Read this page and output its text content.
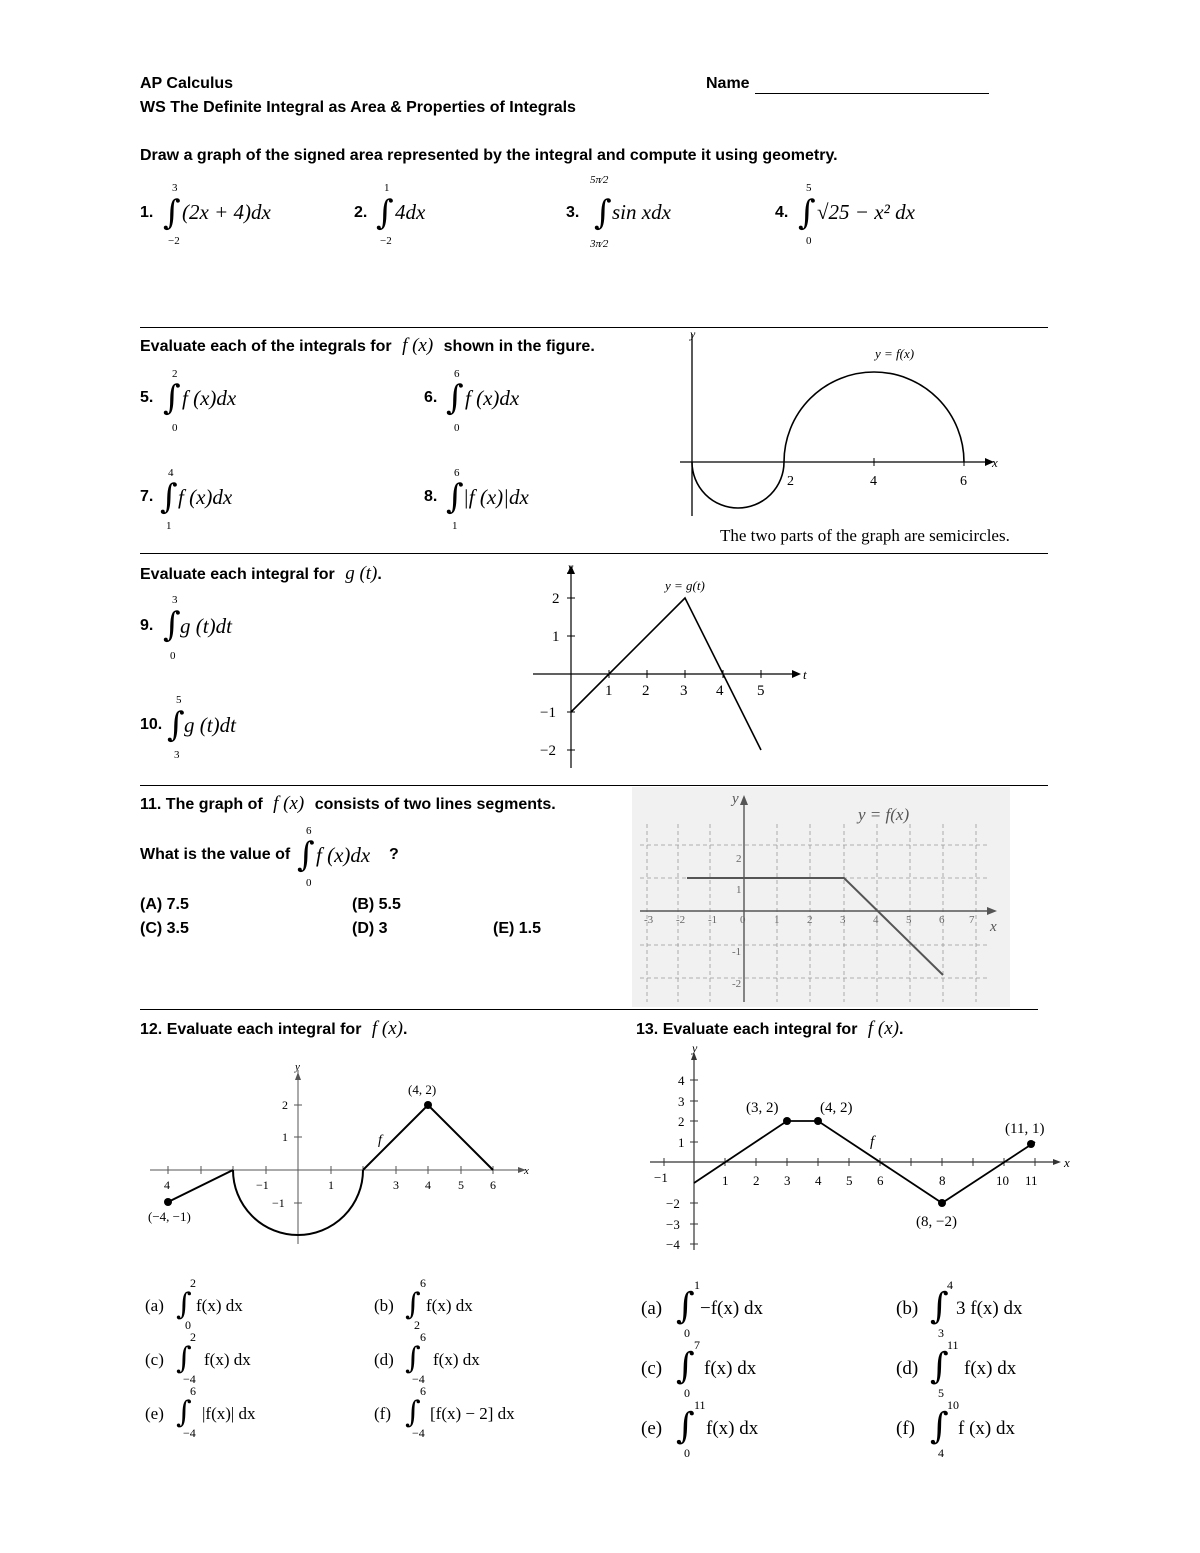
AP Calculus	Name
WS The Definite Integral as Area & Properties of Integrals
Draw a graph of the signed area represented by the integral and compute it using geometry.
1.
3
∫
−2
(2x + 4)dx	2.
1
∫
−2
4dx	3.
5π⁄2
∫
3π⁄2
sin xdx	4.
5
∫
0
√25 − x² dx
Evaluate each of the integrals for f (x) shown in the figure.
5.
2
∫
0
f (x)dx	6.
6
∫
0
f (x)dx
7.
4
∫
1
f (x)dx	8.
6
∫
1
|f (x)|dx
y
x
2	4	6
y = f(x)
The two parts of the graph are semicircles.
Evaluate each integral for g (t).
9.
3
∫
0
g (t)dt
10.
5
∫
3
g (t)dt
y
t
1 2 3 4 5
2
1
−1
−2
y = g(t)
11. The graph of f (x) consists of two lines segments.
What is the value of
6
∫
0
f (x)dx ?
(A) 7.5	(B) 5.5
(C) 3.5	(D) 3	(E) 1.5
y
x
-3 -2 -1 0	1	2	3	4	5	6 7
2
1
-1
-2
y = f(x)
12. Evaluate each integral for f (x).
y
x
4	−1	1	3 4 5 6
2
1
−1
(−4, −1)
(4, 2)
f
(a) ∫
2
0
f(x) dx	(b) ∫
6
2
f(x) dx
(c) ∫
2
−4
f(x) dx	(d) ∫
6
−4
f(x) dx
(e) ∫
6
−4
|f(x)| dx	(f) ∫
6
−4
[f(x) − 2] dx
13. Evaluate each integral for f (x).
y
x
−1	1 2 3 4 5 6	8	10 11
4
3
2
1
−2
−3
−4
(3, 2)	(4, 2)
(11, 1)
(8, −2)
f
(a) ∫
1
0
−f(x) dx	(b) ∫
4
3
3 f(x) dx
(c) ∫
7
0
f(x) dx	(d) ∫
11
5
f(x) dx
(e) ∫
11
0
f(x) dx	(f) ∫
10
4
f (x) dx
